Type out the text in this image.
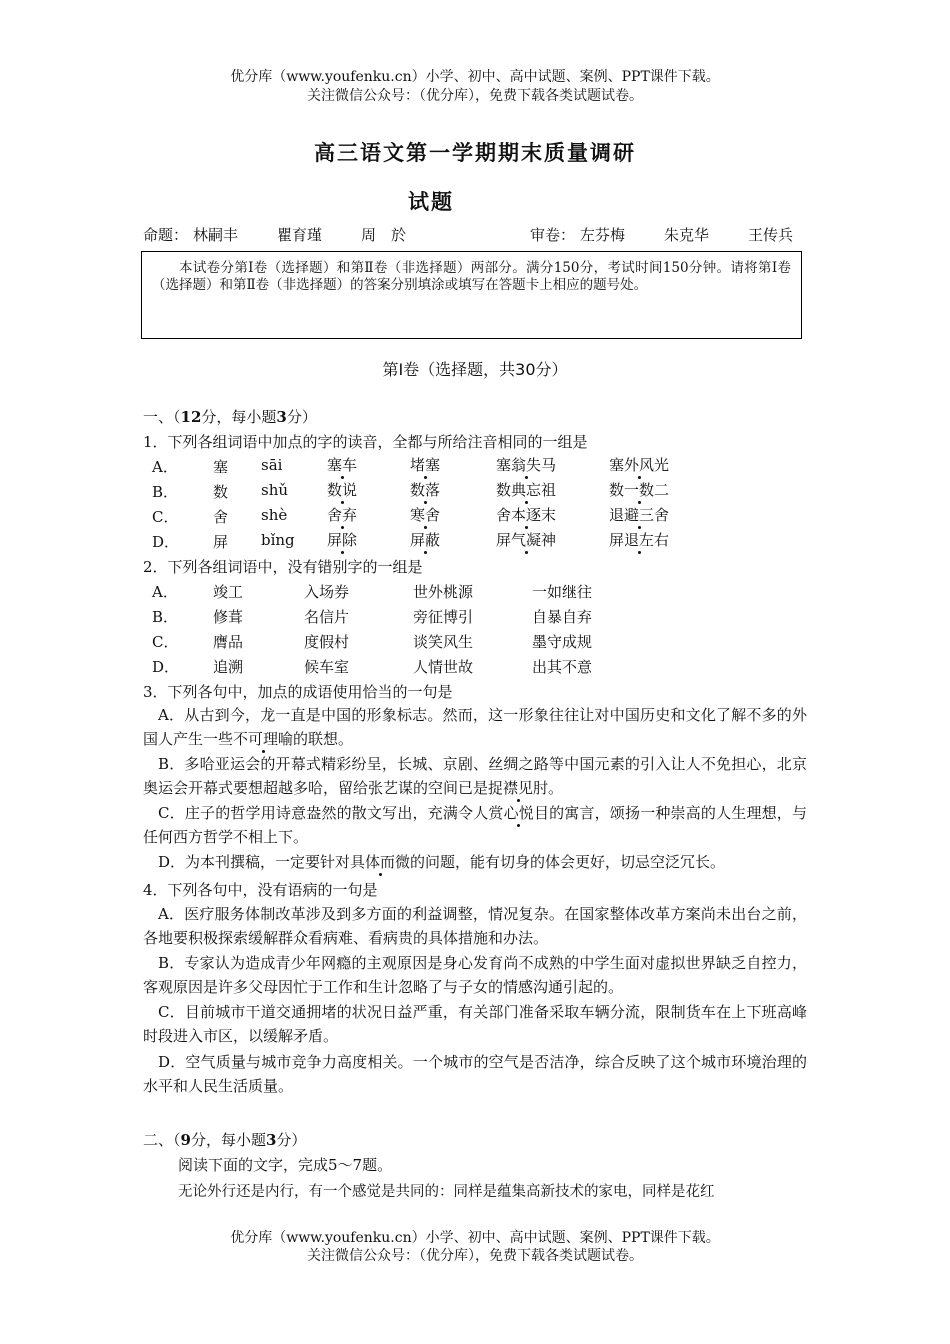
优分库（www.youfenku.cn）小学、初中、高中试题、案例、PPT课件下载。
关注微信公众号：（优分库），免费下载各类试题试卷。
高三语文第一学期期末质量调研
试题
命题： 林嗣丰	瞿育瑾	周　於	审卷： 左芬梅	朱克华	王传兵

本试卷分第Ⅰ卷（选择题）和第Ⅱ卷（非选择题）两部分。满分150分，考试时间150分钟。请将第Ⅰ卷（选择题）和第Ⅱ卷（非选择题）的答案分别填涂或填写在答题卡上相应的题号处。

第Ⅰ卷（选择题，共30分）
一、（12分，每小题3分）
1．下列各组词语中加点的字的读音，全都与所给注音相同的一组是
A． 塞 sāi	塞车	堵塞	塞翁失马	塞外风光
B． 数 shǔ	数说	数落	数典忘祖	数一数二
C． 舍 shè	舍弃	寒舍	舍本逐末	退避三舍
D． 屏 bǐng 屏除	屏蔽	屏气凝神	屏退左右
2．下列各组词语中，没有错别字的一组是
A． 竣工	入场券	世外桃源	一如继往
B． 修葺	名信片	旁征博引	自暴自弃
C． 膺品	度假村	谈笑风生	墨守成规
D． 追溯	候车室	人情世故	出其不意
3．下列各句中，加点的成语使用恰当的一句是
A．从古到今，龙一直是中国的形象标志。然而，这一形象往往让对中国历史和文化了解不多的外国人产生一些不可理喻的联想。
B．多哈亚运会的开幕式精彩纷呈，长城、京剧、丝绸之路等中国元素的引入让人不免担心，北京奥运会开幕式要想超越多哈，留给张艺谋的空间已是捉襟见肘。
C．庄子的哲学用诗意盎然的散文写出，充满令人赏心悦目的寓言，颂扬一种崇高的人生理想，与任何西方哲学不相上下。
D．为本刊撰稿，一定要针对具体而微的问题，能有切身的体会更好，切忌空泛冗长。
4．下列各句中，没有语病的一句是
A．医疗服务体制改革涉及到多方面的利益调整，情况复杂。在国家整体改革方案尚未出台之前，各地要积极探索缓解群众看病难、看病贵的具体措施和办法。
B．专家认为造成青少年网瘾的主观原因是身心发育尚不成熟的中学生面对虚拟世界缺乏自控力，客观原因是许多父母因忙于工作和生计忽略了与子女的情感沟通引起的。
C．目前城市干道交通拥堵的状况日益严重，有关部门准备采取车辆分流，限制货车在上下班高峰时段进入市区，以缓解矛盾。
D．空气质量与城市竞争力高度相关。一个城市的空气是否洁净，综合反映了这个城市环境治理的水平和人民生活质量。
二、（9分，每小题3分）
阅读下面的文字，完成5～7题。
无论外行还是内行，有一个感觉是共同的：同样是蕴集高新技术的家电，同样是花红
优分库（www.youfenku.cn）小学、初中、高中试题、案例、PPT课件下载。
关注微信公众号：（优分库），免费下载各类试题试卷。
